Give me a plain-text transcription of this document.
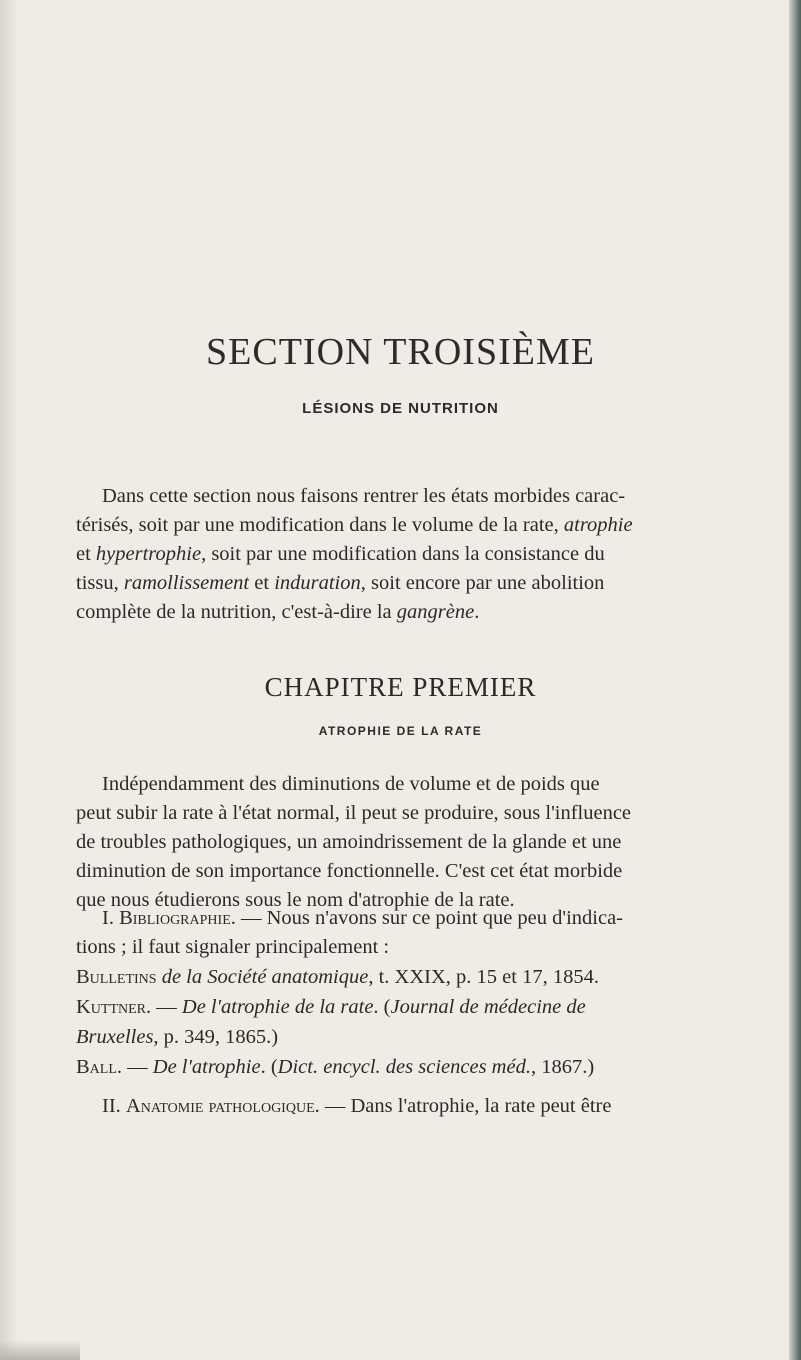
SECTION TROISIÈME
LÉSIONS DE NUTRITION
Dans cette section nous faisons rentrer les états morbides carac-
térisés, soit par une modification dans le volume de la rate, atrophie
et hypertrophie, soit par une modification dans la consistance du
tissu, ramollissement et induration, soit encore par une abolition
complète de la nutrition, c'est-à-dire la gangrène.
CHAPITRE PREMIER
ATROPHIE DE LA RATE
Indépendamment des diminutions de volume et de poids que
peut subir la rate à l'état normal, il peut se produire, sous l'influence
de troubles pathologiques, un amoindrissement de la glande et une
diminution de son importance fonctionnelle. C'est cet état morbide
que nous étudierons sous le nom d'atrophie de la rate.
I. Bibliographie. — Nous n'avons sur ce point que peu d'indica-
tions ; il faut signaler principalement :
Bulletins de la Société anatomique, t. XXIX, p. 15 et 17, 1854.
Kuttner. — De l'atrophie de la rate. (Journal de médecine de
Bruxelles, p. 349, 1865.)
Ball. — De l'atrophie. (Dict. encycl. des sciences méd., 1867.)
II. Anatomie pathologique. — Dans l'atrophie, la rate peut être
